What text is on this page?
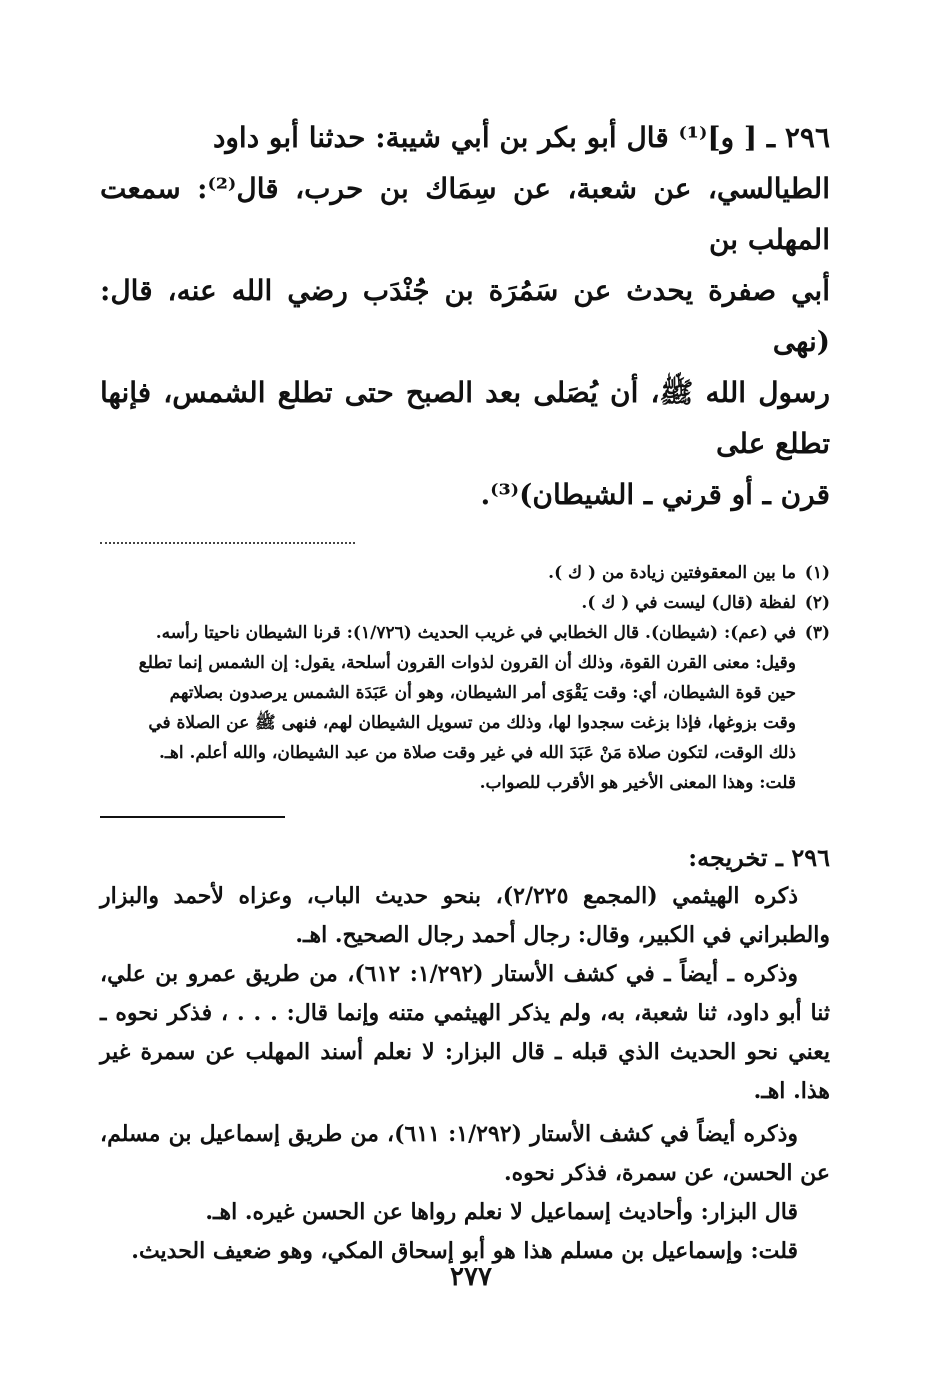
٢٩٦ ـ [ و]⁽¹⁾ قال أبو بكر بن أبي شيبة: حدثنا أبو داود
الطيالسي، عن شعبة، عن سِمَاك بن حرب، قال⁽²⁾: سمعت المهلب بن
أبي صفرة يحدث عن سَمُرَة بن جُنْدَب رضي الله عنه، قال: (نهى
رسول الله ﷺ، أن يُصَلى بعد الصبح حتى تطلع الشمس، فإنها تطلع على
قرن ـ أو قرني ـ الشيطان)⁽³⁾.
(١)
ما بين المعقوفتين زيادة من ( ك ).
(٢)
لفظة (قال) ليست في ( ك ).
(٣)
في (عم): (شيطان). قال الخطابي في غريب الحديث (١/٧٢٦): قرنا الشيطان ناحيتا رأسه.
وقيل: معنى القرن القوة، وذلك أن القرون لذوات القرون أسلحة، يقول: إن الشمس إنما تطلع
حين قوة الشيطان، أي: وقت يَقْوَى أمر الشيطان، وهو أن عَبَدَة الشمس يرصدون بصلاتهم
وقت بزوغها، فإذا بزغت سجدوا لها، وذلك من تسويل الشيطان لهم، فنهى ﷺ عن الصلاة في
ذلك الوقت، لتكون صلاة مَنْ عَبَدَ الله في غير وقت صلاة من عبد الشيطان، والله أعلم. اهـ.
قلت: وهذا المعنى الأخير هو الأقرب للصواب.

٢٩٦ ـ تخريجه:

ذكره الهيثمي (المجمع ٢/٢٢٥)، بنحو حديث الباب، وعزاه لأحمد والبزار والطبراني في الكبير، وقال: رجال أحمد رجال الصحيح. اهـ.

وذكره ـ أيضاً ـ في كشف الأستار (١/٢٩٢: ٦١٢)، من طريق عمرو بن علي، ثنا أبو داود، ثنا شعبة، به، ولم يذكر الهيثمي متنه وإنما قال: . . . ، فذكر نحوه ـ يعني نحو الحديث الذي قبله ـ قال البزار: لا نعلم أسند المهلب عن سمرة غير هذا. اهـ.

وذكره أيضاً في كشف الأستار (١/٢٩٢: ٦١١)، من طريق إسماعيل بن مسلم، عن الحسن، عن سمرة، فذكر نحوه.

قال البزار: وأحاديث إسماعيل لا نعلم رواها عن الحسن غيره. اهـ.

قلت: وإسماعيل بن مسلم هذا هو أبو إسحاق المكي، وهو ضعيف الحديث.

٢٧٧
